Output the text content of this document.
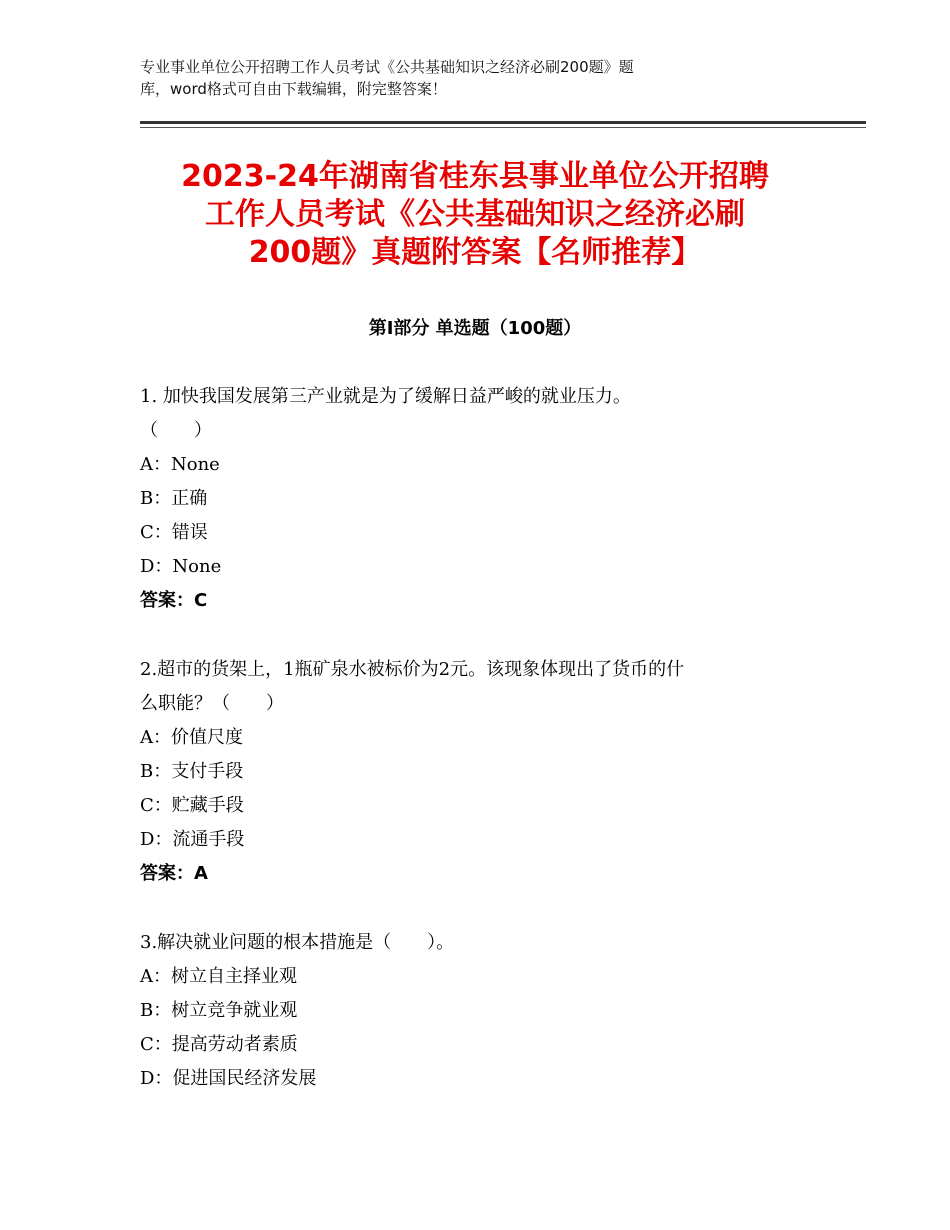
专业事业单位公开招聘工作人员考试《公共基础知识之经济必刷200题》题
库，word格式可自由下载编辑，附完整答案！
2023-24年湖南省桂东县事业单位公开招聘
工作人员考试《公共基础知识之经济必刷
200题》真题附答案【名师推荐】
第Ⅰ部分 单选题（100题）
1. 加快我国发展第三产业就是为了缓解日益严峻的就业压力。
（　　）
A：None
B：正确
C：错误
D：None
答案：C
2.超市的货架上，1瓶矿泉水被标价为2元。该现象体现出了货币的什
么职能？（　　）
A：价值尺度
B：支付手段
C：贮藏手段
D：流通手段
答案：A
3.解决就业问题的根本措施是（　　）。
A：树立自主择业观
B：树立竞争就业观
C：提高劳动者素质
D：促进国民经济发展
